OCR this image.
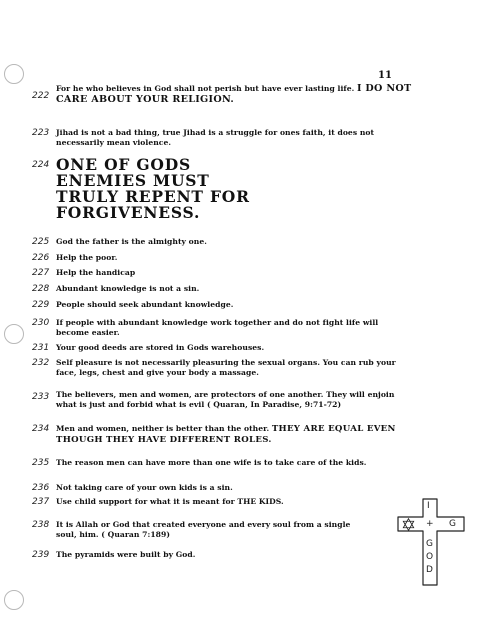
11
222
For he who believes in God shall not perish but have ever lasting life. I DO NOT CARE ABOUT YOUR RELIGION.
223 Jihad is not a bad thing, true Jihad is a struggle for ones faith, it does not necessarily mean violence.
224 ONE OF GODS
ENEMIES MUST
TRULY REPENT FOR
FORGIVENESS.
225 God the father is the almighty one.
226 Help the poor.
227 Help the handicap
228 Abundant knowledge is not a sin.
229 People should seek abundant knowledge.
230 If people with abundant knowledge work together and do not fight life will become easier.
231 Your good deeds are stored in Gods warehouses.
232 Self pleasure is not necessarily pleasuring the sexual organs. You can rub your face, legs, chest and give your body a massage.
233 The believers, men and women, are protectors of one another. They will enjoin what is just and forbid what is evil ( Quaran, In Paradise, 9:71-72)
234 Men and women, neither is better than the other. THEY ARE EQUAL EVEN THOUGH THEY HAVE DIFFERENT ROLES.
235 The reason men can have more than one wife is to take care of the kids.
236 Not taking care of your own kids is a sin.
237 Use child support for what it is meant for THE KIDS.
238 It is Allah or God that created everyone and every soul from a single soul, him. ( Quaran 7:189)
239 The pyramids were built by God.
I
+ G
G
O
D
